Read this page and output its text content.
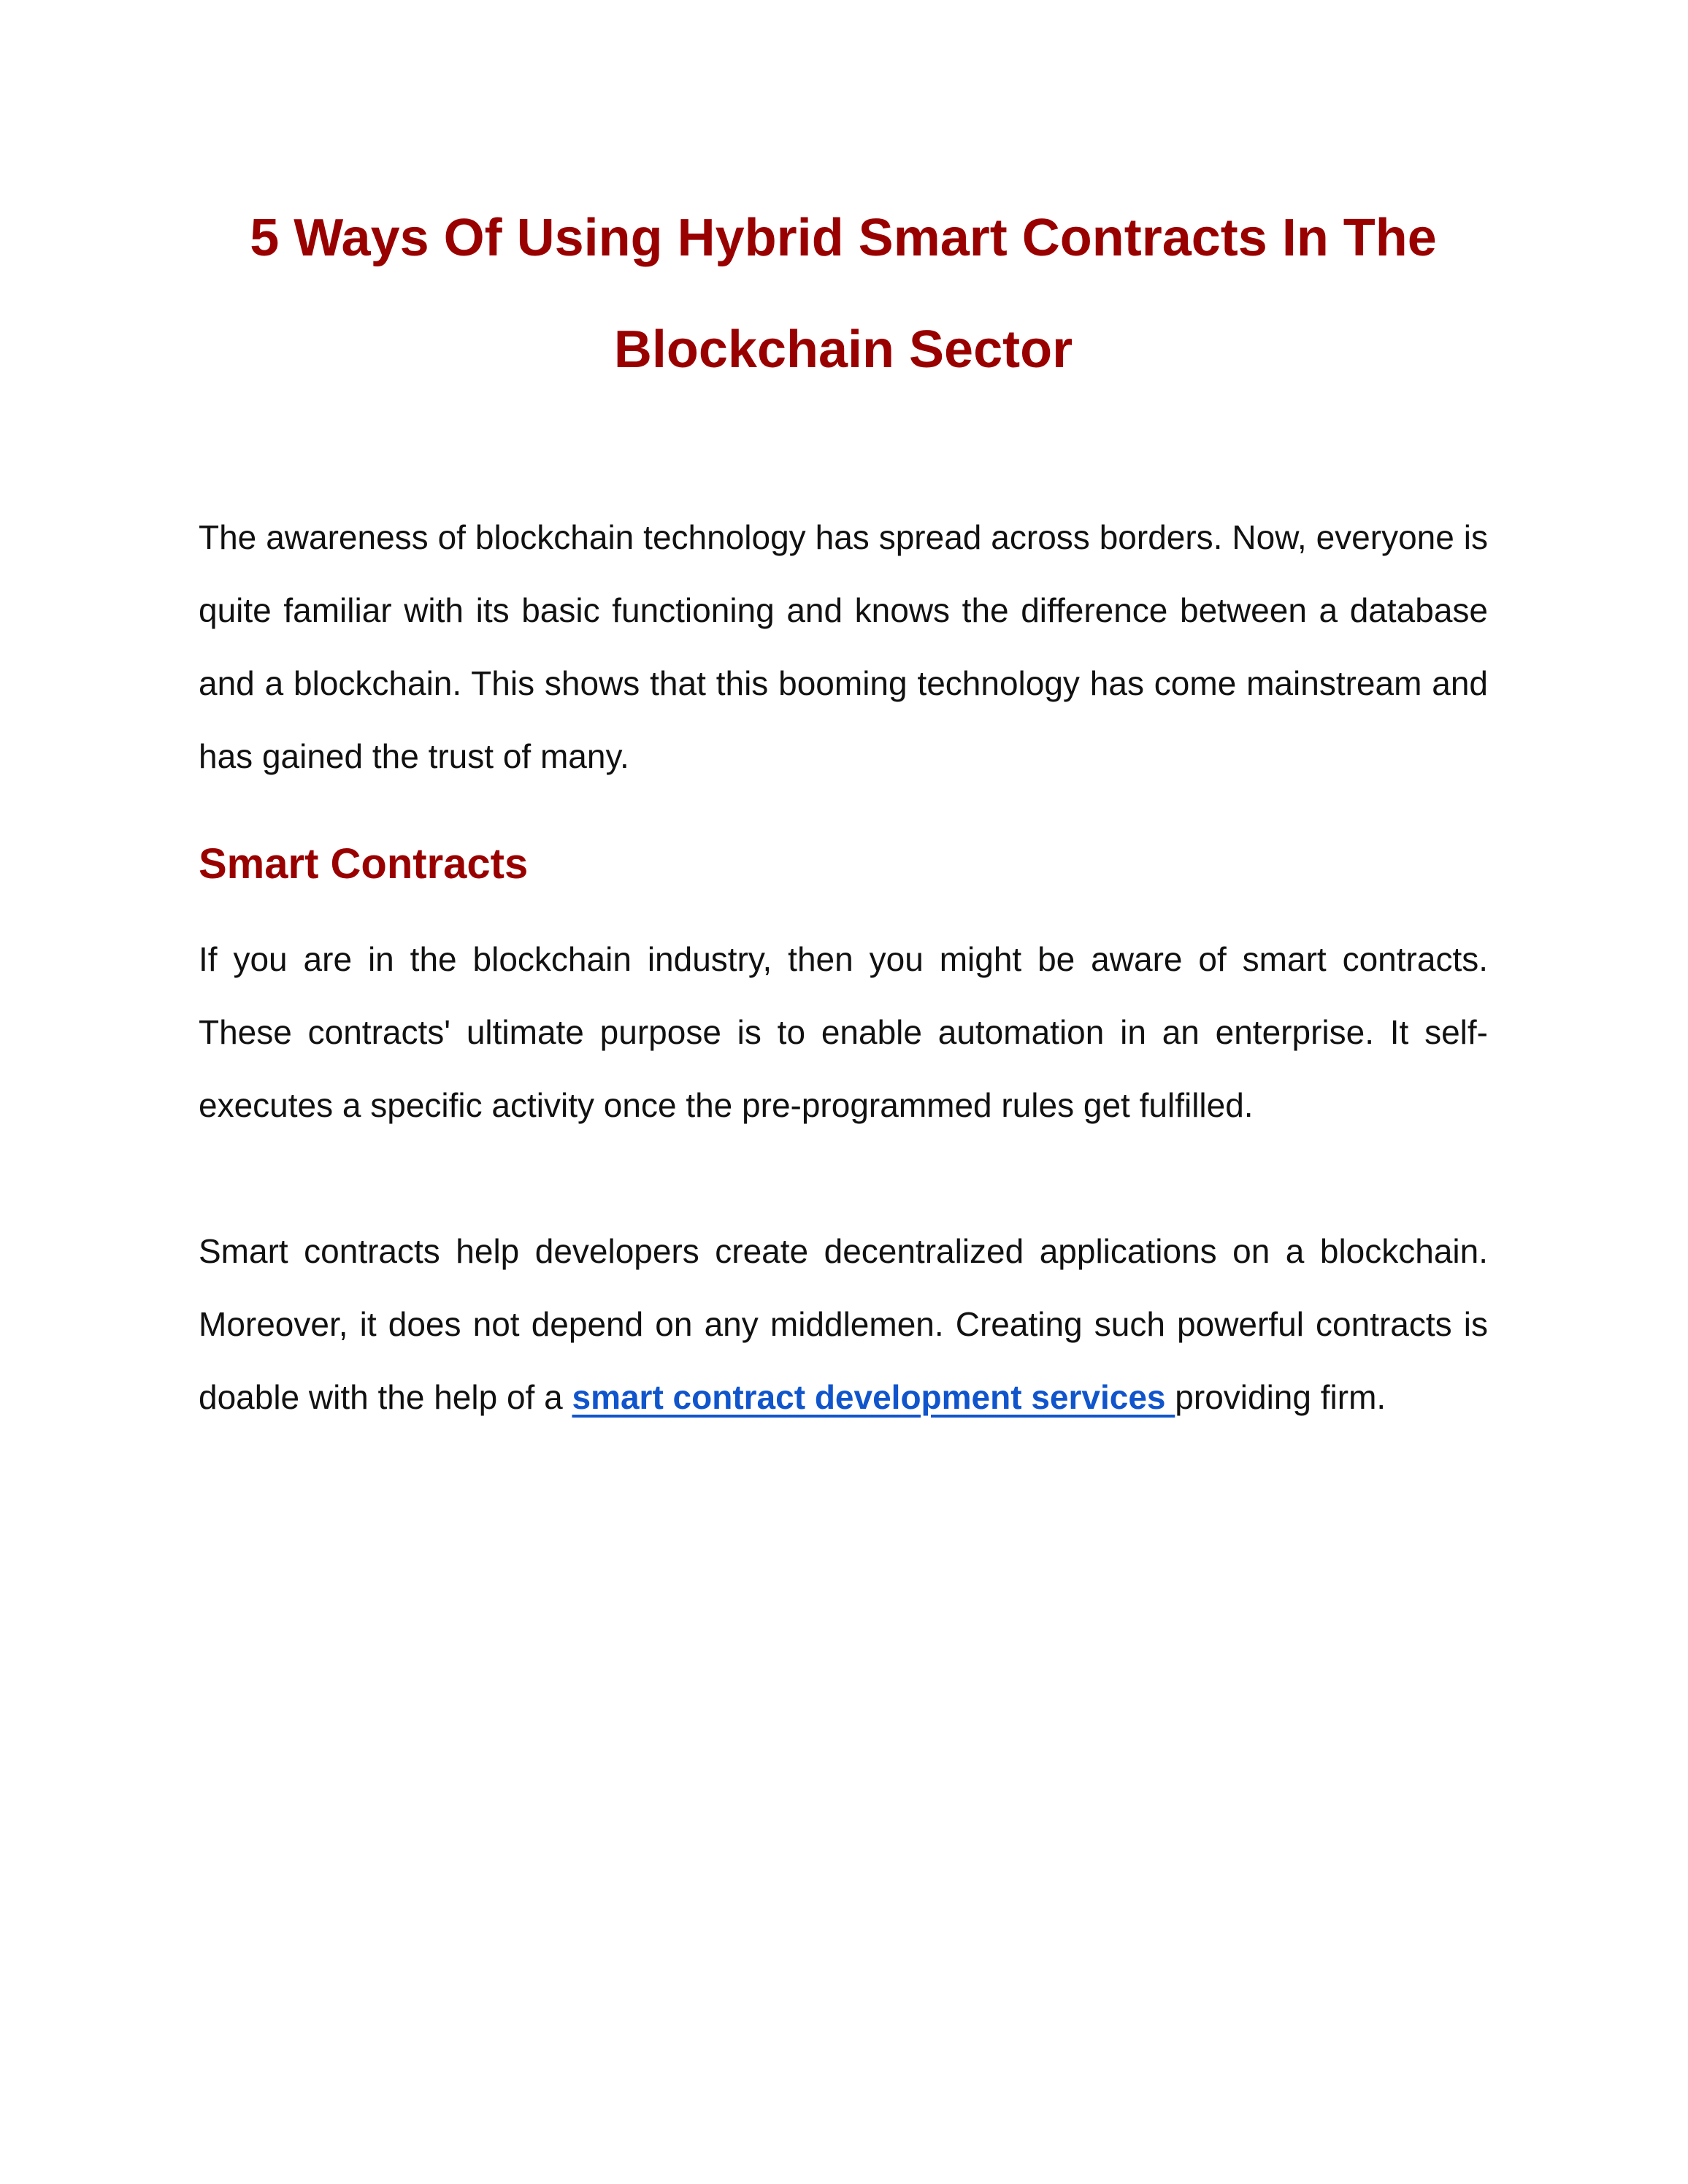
5 Ways Of Using Hybrid Smart Contracts In The Blockchain Sector

The awareness of blockchain technology has spread across borders. Now, everyone is quite familiar with its basic functioning and knows the difference between a database and a blockchain. This shows that this booming technology has come mainstream and has gained the trust of many.

Smart Contracts

If you are in the blockchain industry, then you might be aware of smart contracts. These contracts' ultimate purpose is to enable automation in an enterprise. It self-executes a specific activity once the pre-programmed rules get fulfilled.

Smart contracts help developers create decentralized applications on a blockchain. Moreover, it does not depend on any middlemen. Creating such powerful contracts is doable with the help of a smart contract development services providing firm.
